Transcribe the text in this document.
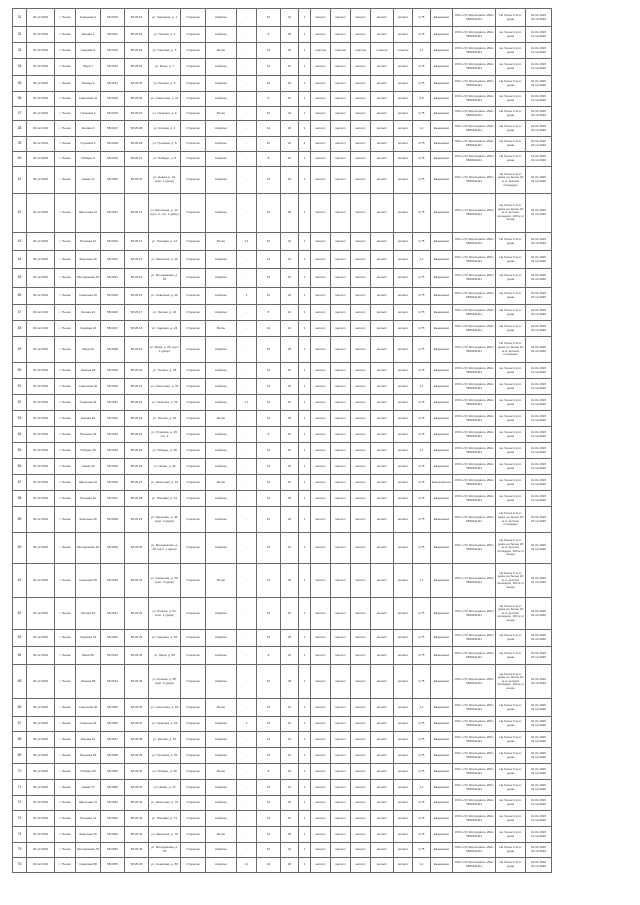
31	30.12.2019	г. Пенза	Северная 1	58.0010	58:29:01	ул. Северная, д. 1	Открытая	Асфальт	-	10	16	1	металл	металл	металл	металл	металл	0,75	Ежедневно	ООО «УК Жилсервис» ИНН 5836611111	Не более 6 м от дома	01.01.2020 31.12.2020
32	30.12.2019	г. Пенза	Лесная 3	58.0011	58:29:02	ул. Лесная, д. 3	Открытая	Асфальт	-	8	30	1	металл	металл	металл	металл	металл	0,75	Ежедневно	ООО «УК Жилсервис» ИНН 5836611111	Не более 6 м от дома	01.01.2020 31.12.2020
33	30.12.2019	г. Пенза	Садовая 5	58.0012	58:29:03	ул. Садовая, д. 5	Открытая	Бетон	-	12	24	1	пластик	пластик	пластик	пластик	пластик	1,1	Ежедневно	ООО «УК Жилсервис» ИНН 5836611111	Не более 6 м от дома	01.01.2020 31.12.2020
34	30.12.2019	г. Пенза	Мира 7	58.0013	58:29:04	ул. Мира, д. 7	Открытая	Асфальт	-	10	16	1	металл	металл	металл	металл	металл	0,75	Ежедневно	ООО «УК Жилсервис» ИНН 5836611111	Не более 6 м от дома	01.01.2020 31.12.2020
35	30.12.2019	г. Пенза	Ленина 9	58.0014	58:29:05	ул. Ленина, д. 9	Открытая	Асфальт	-	16	30	1	металл	металл	металл	металл	металл	0,75	Ежедневно	ООО «УК Жилсервис» ИНН 5836611111	Не более 6 м от дома	01.01.2020 31.12.2020
36	30.12.2019	г. Пенза	Советская 11	58.0015	58:29:06	ул. Советская, д. 11	Открытая	Асфальт	-	6	16	1	металл	металл	металл	металл	металл	0,8	Ежедневно	ООО «УК Жилсервис» ИНН 5836611111	Не более 6 м от дома	01.01.2020 31.12.2020
37	30.12.2019	г. Пенза	Гагарина 2	58.0016	58:29:07	ул. Гагарина, д. 2	Открытая	Бетон	-	10	24	1	металл	металл	металл	металл	металл	0,75	Ежедневно	ООО «УК Жилсервис» ИНН 5836611111	Не более 6 м от дома	01.01.2020 31.12.2020
38	30.12.2019	г. Пенза	Кирова 4	58.0017	58:29:08	ул. Кирова, д. 4	Открытая	Асфальт	-	12	30	2	металл	металл	металл	металл	металл	1,1	Ежедневно	ООО «УК Жилсервис» ИНН 5836611111	Не более 6 м от дома	01.01.2020 31.12.2020
39	30.12.2019	г. Пенза	Пушкина 6	58.0018	58:29:09	ул. Пушкина, д. 6	Открытая	Асфальт	-	10	16	1	металл	металл	металл	металл	металл	0,75	Ежедневно	ООО «УК Жилсервис» ИНН 5836611111	Не более 6 м от дома	01.01.2020 31.12.2020
40	30.12.2019	г. Пенза	Победы 8	58.0019	58:29:10	ул. Победы, д. 8	Открытая	Асфальт	-	8	16	1	металл	металл	металл	металл	металл	0,75	Ежедневно	ООО «УК Жилсервис» ИНН 5836611111	Не более 6 м от дома	01.01.2020 31.12.2020
41	30.12.2019	г. Пенза	Новая 10	58.0020	58:29:11	ул. Новая, д. 10, корп. 1 (двор)	Открытая	Асфальт	-	10	30	1	металл	металл	металл	металл	металл	0,75	Ежедневно	ООО «УК Жилсервис» ИНН 5836611111	Не более 6 м от дома, не более 20 м от детских площадок	01.01.2020 31.12.2020
42	30.12.2019	г. Пенза	Школьная 12	58.0021	58:29:12	ул. Школьная, д. 12, корп. 2, стр. 1 (двор)	Открытая	Асфальт	-	16	30	1	металл	металл	металл	металл	металл	0,75	Ежедневно	ООО «УК Жилсервис» ИНН 5836611111	Не более 6 м от дома, не более 20 м от детских площадок, 100 м от входа	01.01.2020 31.12.2020
43	30.12.2019	г. Пенза	Полевая 14	58.0022	58:29:13	ул. Полевая, д. 14	Открытая	Бетон	1,1	10	16	1	металл	металл	металл	металл	металл	0,75	Ежедневно	ООО «УК Жилсервис» ИНН 5836611111	Не более 6 м от дома	01.01.2020 31.12.2020
44	30.12.2019	г. Пенза	Заречная 16	58.0023	58:29:14	ул. Заречная, д. 16	Открытая	Асфальт	-	12	24	1	металл	металл	металл	металл	металл	1,1	Ежедневно	ООО «УК Жилсервис» ИНН 5836611111	Не более 6 м от дома	01.01.2020 31.12.2020
45	30.12.2019	г. Пенза	Молодёжная 18	58.0024	58:29:15	ул. Молодёжная, д. 18	Открытая	Асфальт	-	10	16	1	металл	металл	металл	металл	металл	0,75	Ежедневно	ООО «УК Жилсервис» ИНН 5836611111	Не более 6 м от дома	01.01.2020 31.12.2020
46	30.12.2019	г. Пенза	Северная 20	58.0025	58:29:16	ул. Северная, д. 20	Открытая	Асфальт	1	10	30	1	металл	металл	металл	металл	металл	0,75	Ежедневно	ООО «УК Жилсервис» ИНН 5836611111	Не более 6 м от дома	01.01.2020 31.12.2020
47	30.12.2019	г. Пенза	Лесная 22	58.0026	58:29:17	ул. Лесная, д. 22	Открытая	Асфальт	-	8	16	1	металл	металл	металл	металл	металл	0,75	Ежедневно	ООО «УК Жилсервис» ИНН 5836611111	Не более 6 м от дома	01.01.2020 31.12.2020
48	30.12.2019	г. Пенза	Садовая 24	58.0027	58:29:18	ул. Садовая, д. 24	Открытая	Бетон	-	10	16	1	металл	металл	металл	металл	металл	0,75	Ежедневно	ООО «УК Жилсервис» ИНН 5836611111	Не более 6 м от дома	01.01.2020 31.12.2020
49	30.12.2019	г. Пенза	Мира 26	58.0028	58:29:19	ул. Мира, д. 26, корп. 1 (двор)	Открытая	Асфальт	-	16	30	1	металл	металл	металл	металл	металл	0,75	Ежедневно	ООО «УК Жилсервис» ИНН 5836611111	Не более 6 м от дома, не более 20 м от детских площадок	01.01.2020 31.12.2020
50	30.12.2019	г. Пенза	Ленина 28	58.0029	58:29:20	ул. Ленина, д. 28	Открытая	Асфальт	-	10	16	1	металл	металл	металл	металл	металл	0,75	Ежедневно	ООО «УК Жилсервис» ИНН 5836611111	Не более 6 м от дома	01.01.2020 31.12.2020
51	30.12.2019	г. Пенза	Советская 30	58.0030	58:29:21	ул. Советская, д. 30	Открытая	Асфальт	-	12	24	1	металл	металл	металл	металл	металл	1,1	Ежедневно	ООО «УК Жилсервис» ИНН 5836611111	Не более 6 м от дома	01.01.2020 31.12.2020
52	30.12.2019	г. Пенза	Гагарина 32	58.0031	58:29:22	ул. Гагарина, д. 32	Открытая	Асфальт	1,1	10	16	1	металл	металл	металл	металл	металл	0,75	Ежедневно	ООО «УК Жилсервис» ИНН 5836611111	Не более 6 м от дома	01.01.2020 31.12.2020
53	30.12.2019	г. Пенза	Кирова 34	58.0032	58:29:23	ул. Кирова, д. 34	Открытая	Бетон	-	10	30	1	металл	металл	металл	металл	металл	0,75	Ежедневно	ООО «УК Жилсервис» ИНН 5836611111	Не более 6 м от дома	01.01.2020 31.12.2020
54	30.12.2019	г. Пенза	Пушкина 36	58.0033	58:29:24	ул. Пушкина, д. 36, стр. 1	Открытая	Асфальт	-	8	16	1	металл	металл	металл	металл	металл	0,75	Ежедневно	ООО «УК Жилсервис» ИНН 5836611111	Не более 6 м от дома	01.01.2020 31.12.2020
55	30.12.2019	г. Пенза	Победы 38	58.0034	58:29:25	ул. Победы, д. 38	Открытая	Асфальт	-	10	16	1	металл	металл	металл	металл	металл	1,1	Ежедневно	ООО «УК Жилсервис» ИНН 5836611111	Не более 6 м от дома	01.01.2020 31.12.2020
56	30.12.2019	г. Пенза	Новая 40	58.0035	58:29:26	ул. Новая, д. 40	Открытая	Асфальт	-	12	24	1	металл	металл	металл	металл	металл	0,75	Ежедневно	ООО «УК Жилсервис» ИНН 5836611111	Не более 6 м от дома	01.01.2020 31.12.2020
57	30.12.2019	г. Пенза	Школьная 42	58.0036	58:29:27	ул. Школьная, д. 42	Открытая	Бетон	-	10	16	1	металл	металл	металл	металл	металл	0,75	Еженедельно	ООО «УК Жилсервис» ИНН 5836611111	Не более 6 м от дома	01.01.2020 31.12.2020
58	30.12.2019	г. Пенза	Полевая 44	58.0037	58:29:28	ул. Полевая, д. 44	Открытая	Асфальт	-	10	30	1	металл	металл	металл	металл	металл	0,75	Ежедневно	ООО «УК Жилсервис» ИНН 5836611111	Не более 6 м от дома	01.01.2020 31.12.2020
59	30.12.2019	г. Пенза	Заречная 46	58.0038	58:29:29	ул. Заречная, д. 46, корп. 2 (двор)	Открытая	Асфальт	-	16	30	1	металл	металл	металл	металл	металл	0,75	Ежедневно	ООО «УК Жилсервис» ИНН 5836611111	Не более 6 м от дома, не более 20 м от детских площадок	01.01.2020 31.12.2020
60	30.12.2019	г. Пенза	Молодёжная 48	58.0039	58:29:30	ул. Молодёжная, д. 48, корп. 1 (двор)	Открытая	Асфальт	-	10	16	1	металл	металл	металл	металл	металл	0,75	Ежедневно	ООО «УК Жилсервис» ИНН 5836611111	Не более 6 м от дома, не более 20 м от детских площадок, 100 м от входа	01.01.2020 31.12.2020
61	30.12.2019	г. Пенза	Северная 50	58.0040	58:29:31	ул. Северная, д. 50, корп. 3 (двор)	Открытая	Бетон	-	12	24	1	металл	металл	металл	металл	металл	1,1	Ежедневно	ООО «УК Жилсервис» ИНН 5836611111	Не более 6 м от дома, не более 20 м от детских площадок, 100 м от входа	01.01.2020 31.12.2020
62	30.12.2019	г. Пенза	Лесная 52	58.0041	58:29:32	ул. Лесная, д. 52, корп. 1 (двор)	Открытая	Асфальт	-	10	16	1	металл	металл	металл	металл	металл	0,75	Ежедневно	ООО «УК Жилсервис» ИНН 5836611111	Не более 6 м от дома, не более 20 м от детских площадок, 100 м от входа	01.01.2020 31.12.2020
63	30.12.2019	г. Пенза	Садовая 54	58.0042	58:29:33	ул. Садовая, д. 54	Открытая	Асфальт	-	10	30	1	металл	металл	металл	металл	металл	0,75	Ежедневно	ООО «УК Жилсервис» ИНН 5836611111	Не более 6 м от дома	01.01.2020 31.12.2020
64	30.12.2019	г. Пенза	Мира 56	58.0043	58:29:34	ул. Мира, д. 56	Открытая	Асфальт	-	8	16	1	металл	металл	металл	металл	металл	0,75	Ежедневно	ООО «УК Жилсервис» ИНН 5836611111	Не более 6 м от дома	01.01.2020 31.12.2020
65	30.12.2019	г. Пенза	Ленина 58	58.0044	58:29:35	ул. Ленина, д. 58, корп. 2 (двор)	Открытая	Асфальт	-	16	30	1	металл	металл	металл	металл	металл	0,75	Ежедневно	ООО «УК Жилсервис» ИНН 5836611111	Не более 6 м от дома, не более 20 м от детских площадок, 100 м от входа	01.01.2020 31.12.2020
66	30.12.2019	г. Пенза	Советская 60	58.0045	58:29:36	ул. Советская, д. 60	Открытая	Бетон	-	10	16	1	металл	металл	металл	металл	металл	1,1	Ежедневно	ООО «УК Жилсервис» ИНН 5836611111	Не более 6 м от дома	01.01.2020 31.12.2020
67	30.12.2019	г. Пенза	Гагарина 62	58.0046	58:29:37	ул. Гагарина, д. 62	Открытая	Асфальт	1	10	16	1	металл	металл	металл	металл	металл	0,75	Ежедневно	ООО «УК Жилсервис» ИНН 5836611111	Не более 6 м от дома	01.01.2020 31.12.2020
68	30.12.2019	г. Пенза	Кирова 64	58.0047	58:29:38	ул. Кирова, д. 64	Открытая	Асфальт	-	12	24	1	металл	металл	металл	металл	металл	0,75	Ежедневно	ООО «УК Жилсервис» ИНН 5836611111	Не более 6 м от дома	01.01.2020 31.12.2020
69	30.12.2019	г. Пенза	Пушкина 66	58.0048	58:29:39	ул. Пушкина, д. 66	Открытая	Асфальт	-	10	16	1	металл	металл	металл	металл	металл	0,75	Ежедневно	ООО «УК Жилсервис» ИНН 5836611111	Не более 6 м от дома	01.01.2020 31.12.2020
70	30.12.2019	г. Пенза	Победы 68	58.0049	58:29:40	ул. Победы, д. 68	Открытая	Бетон	-	8	30	1	металл	металл	металл	металл	металл	0,75	Ежедневно	ООО «УК Жилсервис» ИНН 5836611111	Не более 6 м от дома	01.01.2020 31.12.2020
71	30.12.2019	г. Пенза	Новая 70	58.0050	58:29:41	ул. Новая, д. 70	Открытая	Асфальт	-	10	16	1	металл	металл	металл	металл	металл	1,1	Ежедневно	ООО «УК Жилсервис» ИНН 5836611111	Не более 6 м от дома	01.01.2020 31.12.2020
72	30.12.2019	г. Пенза	Школьная 72	58.0051	58:29:42	ул. Школьная, д. 72	Открытая	Асфальт	-	10	24	1	металл	металл	металл	металл	металл	0,75	Ежедневно	ООО «УК Жилсервис» ИНН 5836611111	Не более 6 м от дома	01.01.2020 31.12.2020
73	30.12.2019	г. Пенза	Полевая 74	58.0052	58:29:43	ул. Полевая, д. 74	Открытая	Асфальт	-	12	16	1	металл	металл	металл	металл	металл	0,75	Ежедневно	ООО «УК Жилсервис» ИНН 5836611111	Не более 6 м от дома	01.01.2020 31.12.2020
74	30.12.2019	г. Пенза	Заречная 76	58.0053	58:29:44	ул. Заречная, д. 76	Открытая	Бетон	-	10	30	1	металл	металл	металл	металл	металл	0,75	Ежедневно	ООО «УК Жилсервис» ИНН 5836611111	Не более 6 м от дома	01.01.2020 31.12.2020
75	30.12.2019	г. Пенза	Молодёжная 78	58.0054	58:29:45	ул. Молодёжная, д. 78	Открытая	Асфальт	-	10	16	1	металл	металл	металл	металл	металл	0,75	Ежедневно	ООО «УК Жилсервис» ИНН 5836611111	Не более 6 м от дома	01.01.2020 31.12.2020
76	30.12.2019	г. Пенза	Северная 80	58.0055	58:29:46	ул. Северная, д. 80	Открытая	Асфальт	1,1	16	30	1	металл	металл	металл	металл	металл	1,1	Ежедневно	ООО «УК Жилсервис» ИНН 5836611111	Не более 6 м от дома	01.01.2020 31.12.2020
